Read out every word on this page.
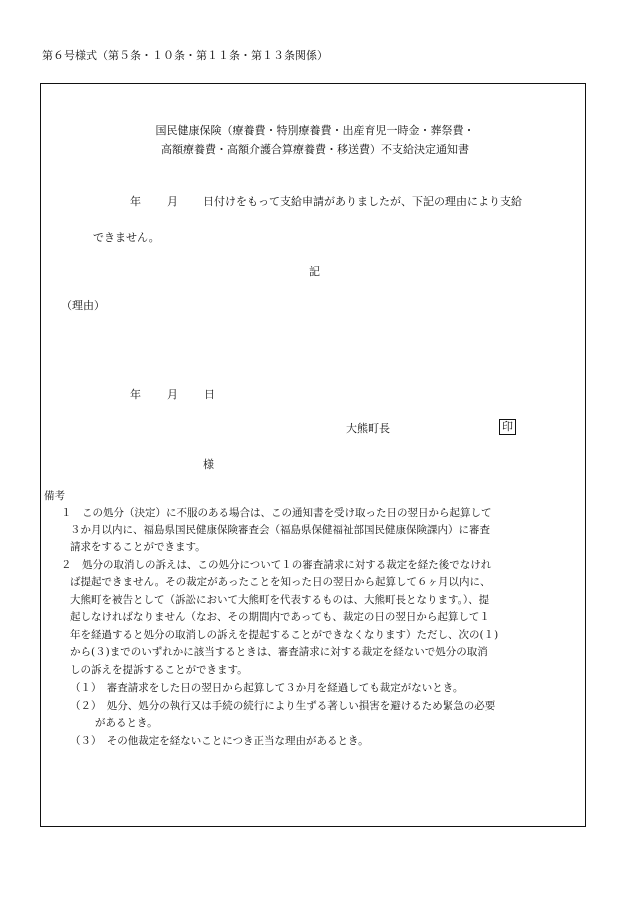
第６号様式（第５条・１０条・第１１条・第１３条関係）
国民健康保険（療養費・特別療養費・出産育児一時金・葬祭費・
高額療養費・高額介護合算療養費・移送費）不支給決定通知書
年 月 日付けをもって支給申請がありましたが、下記の理由により支給
できません。
記
（理由）
年 月 日
大熊町長	印
様
備考
１　この処分（決定）に不服のある場合は、この通知書を受け取った日の翌日から起算して
３か月以内に、福島県国民健康保険審査会（福島県保健福祉部国民健康保険課内）に審査
請求をすることができます。
２　処分の取消しの訴えは、この処分について１の審査請求に対する裁定を経た後でなけれ
ば提起できません。その裁定があったことを知った日の翌日から起算して６ヶ月以内に、
大熊町を被告として（訴訟において大熊町を代表するものは、大熊町長となります。）、提
起しなければなりません（なお、その期間内であっても、裁定の日の翌日から起算して１
年を経過すると処分の取消しの訴えを提起することができなくなります）ただし、次の(１)
から(３)までのいずれかに該当するときは、審査請求に対する裁定を経ないで処分の取消
しの訴えを提訴することができます。
（１）　審査請求をした日の翌日から起算して３か月を経過しても裁定がないとき。
（２）　処分、処分の執行又は手続の続行により生ずる著しい損害を避けるため緊急の必要
があるとき。
（３）　その他裁定を経ないことにつき正当な理由があるとき。
